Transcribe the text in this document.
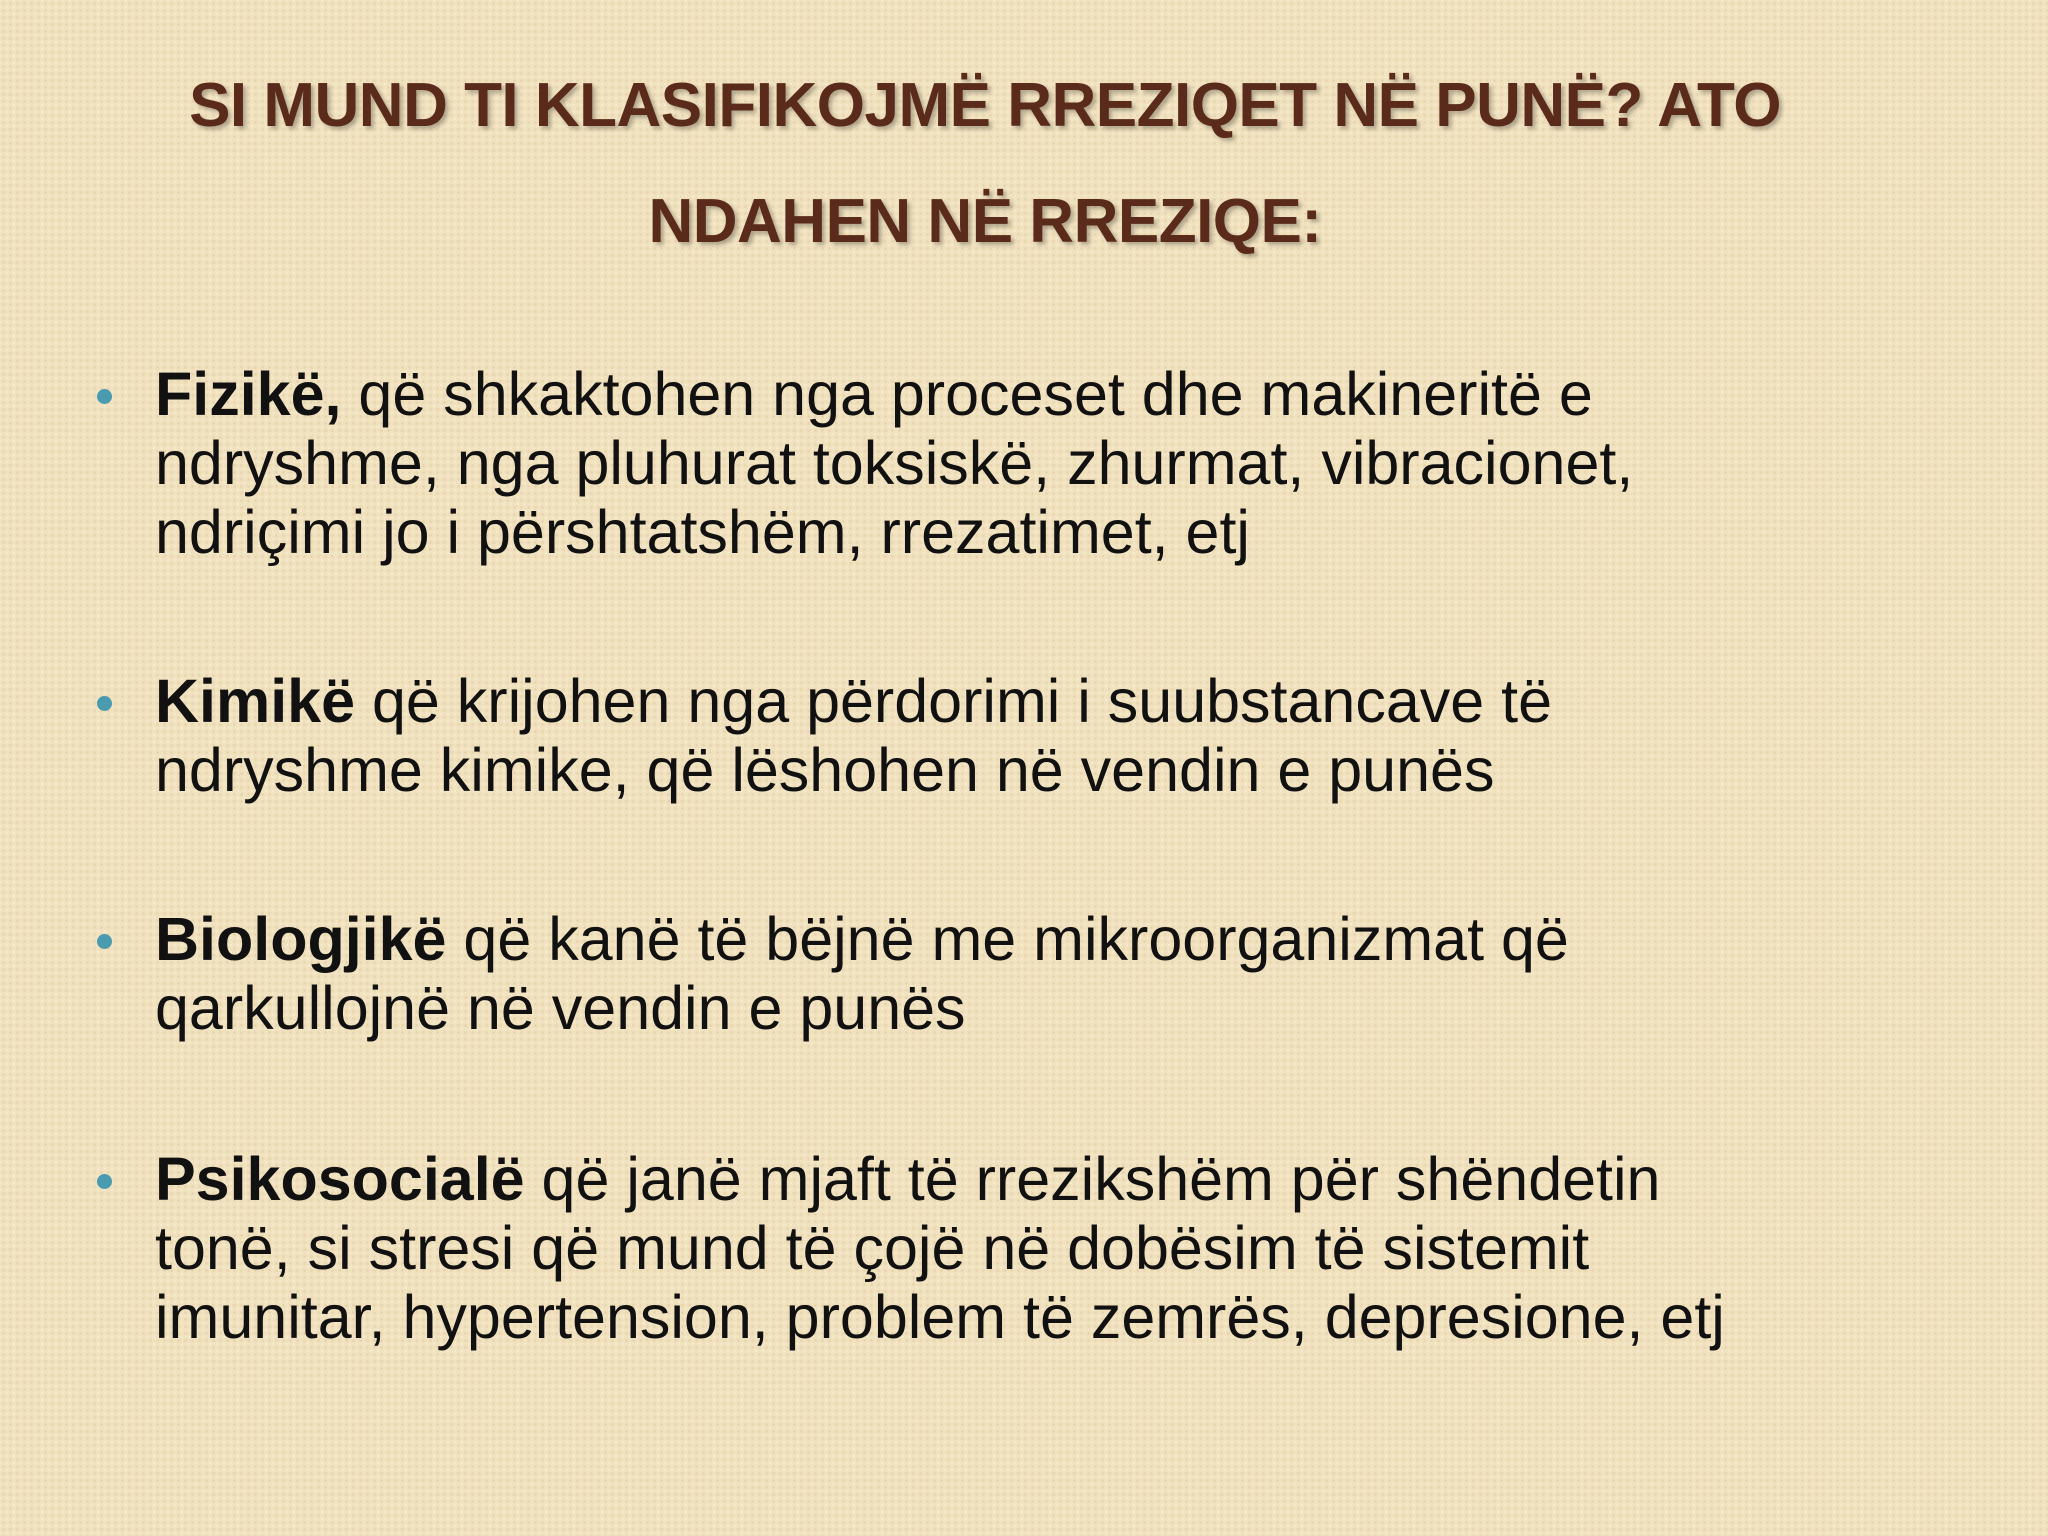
SI MUND TI KLASIFIKOJMË RREZIQET NË PUNË? ATO
NDAHEN NË RREZIQE:
Fizikë, që shkaktohen nga proceset dhe makineritë e
ndryshme, nga pluhurat toksiskë, zhurmat, vibracionet,
ndriçimi jo i përshtatshëm, rrezatimet, etj
Kimikë që krijohen nga përdorimi i suubstancave të
ndryshme kimike, që lëshohen në vendin e punës
Biologjikë që kanë të bëjnë me mikroorganizmat që
qarkullojnë në vendin e punës
Psikosocialë që janë mjaft të rrezikshëm për shëndetin
tonë, si stresi që mund të çojë në dobësim të sistemit
imunitar, hypertension, problem të zemrës, depresione, etj
